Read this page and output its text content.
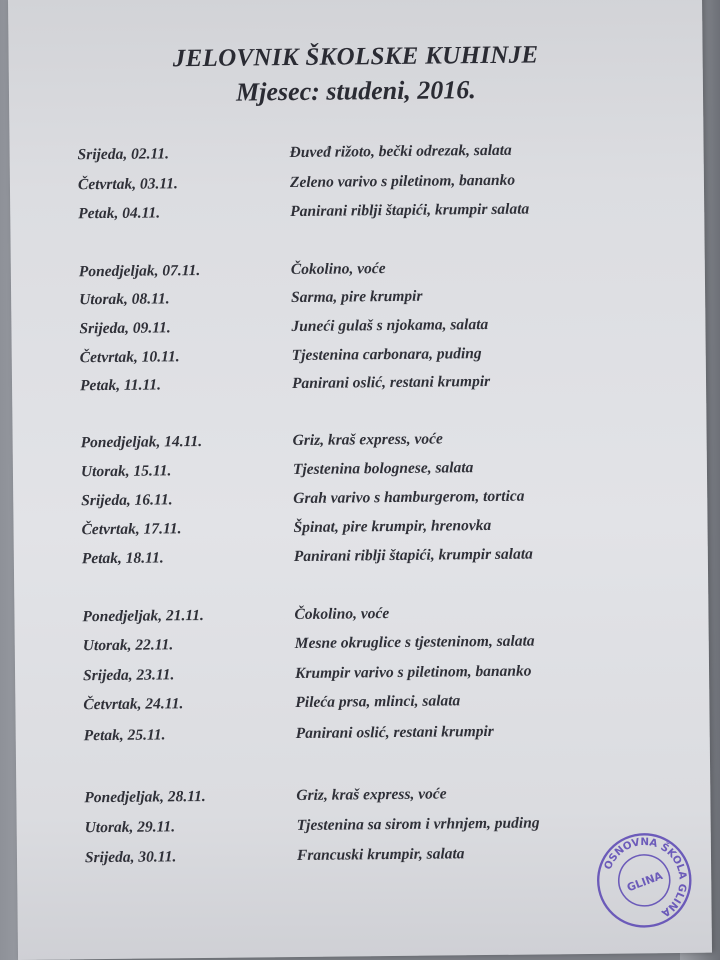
JELOVNIK ŠKOLSKE KUHINJE
Mjesec: studeni, 2016.
Srijeda, 02.11.	Đuveđ rižoto, bečki odrezak, salata
Četvrtak, 03.11.	Zeleno varivo s piletinom, bananko
Petak, 04.11.	Panirani riblji štapići, krumpir salata
Ponedjeljak, 07.11.	Čokolino, voće
Utorak, 08.11.	Sarma, pire krumpir
Srijeda, 09.11.	Juneći gulaš s njokama, salata
Četvrtak, 10.11.	Tjestenina carbonara, puding
Petak, 11.11.	Panirani oslić, restani krumpir
Ponedjeljak, 14.11.	Griz, kraš express, voće
Utorak, 15.11.	Tjestenina bolognese, salata
Srijeda, 16.11.	Grah varivo s hamburgerom, tortica
Četvrtak, 17.11.	Špinat, pire krumpir, hrenovka
Petak, 18.11.	Panirani riblji štapići, krumpir salata
Ponedjeljak, 21.11.	Čokolino, voće
Utorak, 22.11.	Mesne okruglice s tjesteninom, salata
Srijeda, 23.11.	Krumpir varivo s piletinom, bananko
Četvrtak, 24.11.	Pileća prsa, mlinci, salata
Petak, 25.11.	Panirani oslić, restani krumpir
Ponedjeljak, 28.11.	Griz, kraš express, voće
Utorak, 29.11.	Tjestenina sa sirom i vrhnjem, puding
Srijeda, 30.11.	Francuski krumpir, salata
OSNOVNA ŠKOLA GLINA
GLINA
